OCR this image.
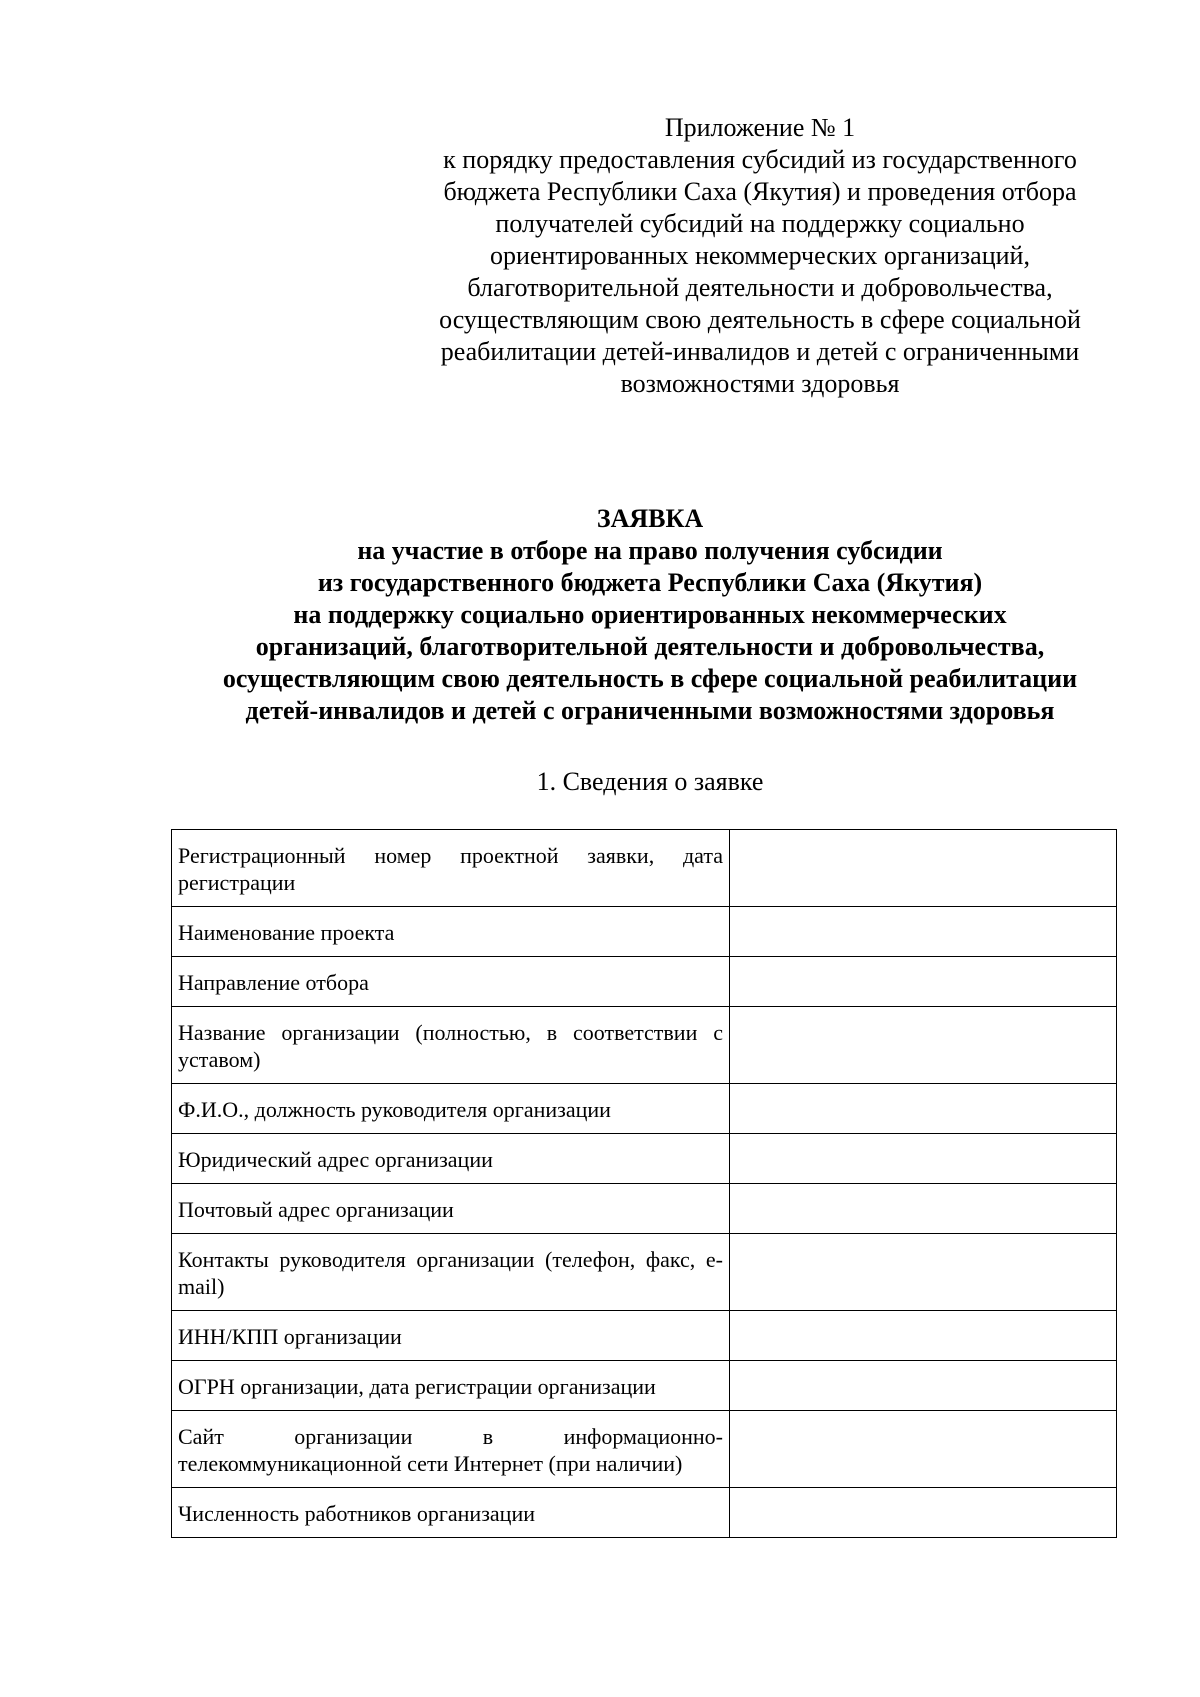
Приложение № 1
к порядку предоставления субсидий из государственного
бюджета Республики Саха (Якутия) и проведения отбора
получателей субсидий на поддержку социально
ориентированных некоммерческих организаций,
благотворительной деятельности и добровольчества,
осуществляющим свою деятельность в сфере социальной
реабилитации детей-инвалидов и детей с ограниченными
возможностями здоровья
ЗАЯВКА
на участие в отборе на право получения субсидии
из государственного бюджета Республики Саха (Якутия)
на поддержку социально ориентированных некоммерческих
организаций, благотворительной деятельности и добровольчества,
осуществляющим свою деятельность в сфере социальной реабилитации
детей-инвалидов и детей с ограниченными возможностями здоровья
1. Сведения о заявке
Регистрационный номер проектной заявки, дата регистрации	
Наименование проекта	
Направление отбора	
Название организации (полностью, в соответствии с уставом)	
Ф.И.О., должность руководителя организации	
Юридический адрес организации	
Почтовый адрес организации	
Контакты руководителя организации (телефон, факс, e-mail)	
ИНН/КПП организации	
ОГРН организации, дата регистрации организации	
Сайт организации в информационно-телекоммуникационной сети Интернет (при наличии)	
Численность работников организации	
